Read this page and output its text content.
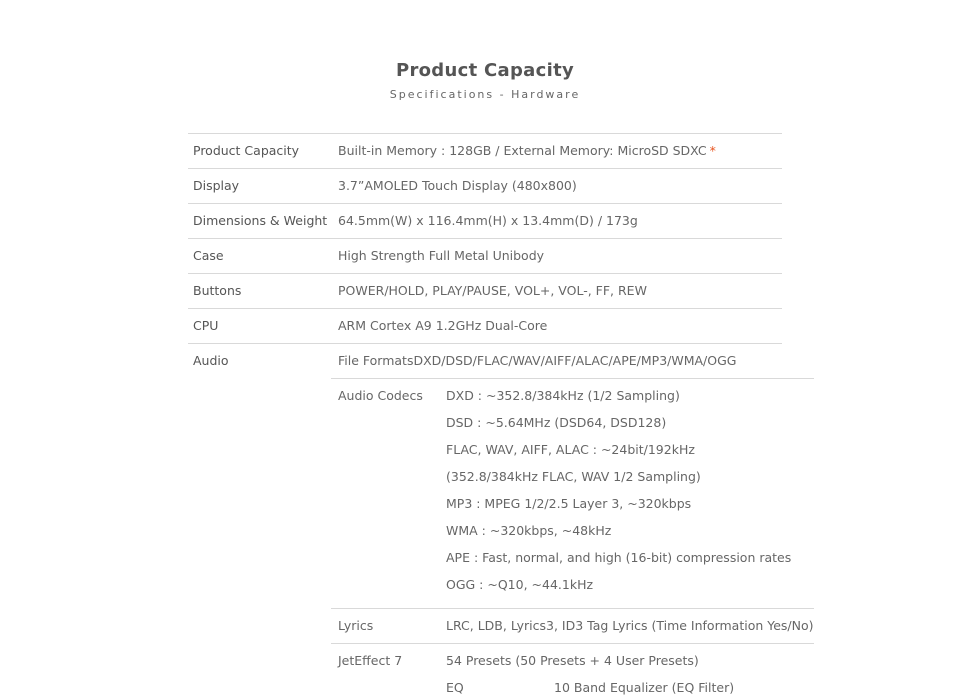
Product Capacity
Specifications - Hardware
Product Capacity	Built-in Memory : 128GB / External Memory: MicroSD SDXC *
Display	3.7”AMOLED Touch Display (480x800)
Dimensions & Weight 64.5mm(W) x 116.4mm(H) x 13.4mm(D) / 173g
Case	High Strength Full Metal Unibody
Buttons	POWER/HOLD, PLAY/PAUSE, VOL+, VOL-, FF, REW
CPU	ARM Cortex A9 1.2GHz Dual-Core
Audio	File Formats DXD/DSD/FLAC/WAV/AIFF/ALAC/APE/MP3/WMA/OGG
Audio Codecs	DXD : ~352.8/384kHz (1/2 Sampling)
DSD : ~5.64MHz (DSD64, DSD128)
FLAC, WAV, AIFF, ALAC : ~24bit/192kHz
(352.8/384kHz FLAC, WAV 1/2 Sampling)
MP3 : MPEG 1/2/2.5 Layer 3, ~320kbps
WMA : ~320kbps, ~48kHz
APE : Fast, normal, and high (16-bit) compression rates
OGG : ~Q10, ~44.1kHz
Lyrics	LRC, LDB, Lyrics3, ID3 Tag Lyrics (Time Information Yes/No)
JetEffect 7	54 Presets (50 Presets + 4 User Presets)
EQ	10 Band Equalizer (EQ Filter)
